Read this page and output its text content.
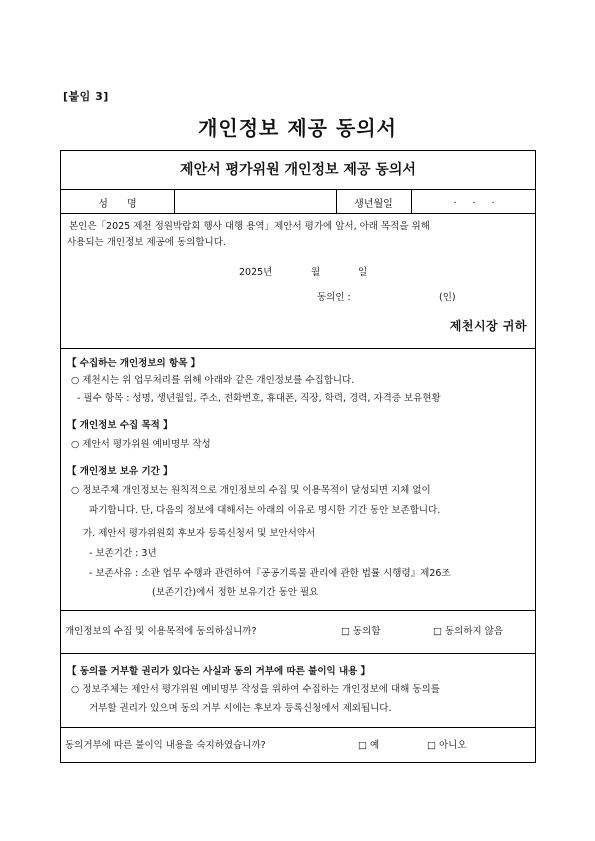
[붙임 3]
개인정보 제공 동의서
제안서 평가위원 개인정보 제공 동의서
성      명	생년월일	.     .     .
본인은「2025 제천 정원박람회 행사 대행 용역」제안서 평가에 앞서, 아래 목적을 위해
사용되는 개인정보 제공에 동의합니다.
2025년	월	일
동의인 :	(인)
제천시장 귀하
【 수집하는 개인정보의 항목 】
○ 제천시는 위 업무처리를 위해 아래와 같은 개인정보를 수집합니다.
- 필수 항목 : 성명, 생년월일, 주소, 전화번호, 휴대폰, 직장, 학력, 경력, 자격증 보유현황
【 개인정보 수집 목적 】
○ 제안서 평가위원 예비명부 작성
【 개인정보 보유 기간 】
○ 정보주체 개인정보는 원칙적으로 개인정보의 수집 및 이용목적이 달성되면 지체 없이
파기합니다. 단, 다음의 정보에 대해서는 아래의 이유로 명시한 기간 동안 보존합니다.
가. 제안서 평가위원회 후보자 등록신청서 및 보안서약서
- 보존기간 : 3년
- 보존사유 : 소관 업무 수행과 관련하여『공공기록물 관리에 관한 법률 시행령』제26조
(보존기간)에서 정한 보유기간 동안 필요
개인정보의 수집 및 이용목적에 동의하십니까?	□ 동의함	□ 동의하지 않음
【 동의를 거부할 권리가 있다는 사실과 동의 거부에 따른 불이익 내용 】
○ 정보주체는 제안서 평가위원 예비명부 작성을 위하여 수집하는 개인정보에 대해 동의를
거부할 권리가 있으며 동의 거부 시에는 후보자 등록신청에서 제외됩니다.
동의거부에 따른 불이익 내용을 숙지하였습니까?	□ 예	□ 아니오
